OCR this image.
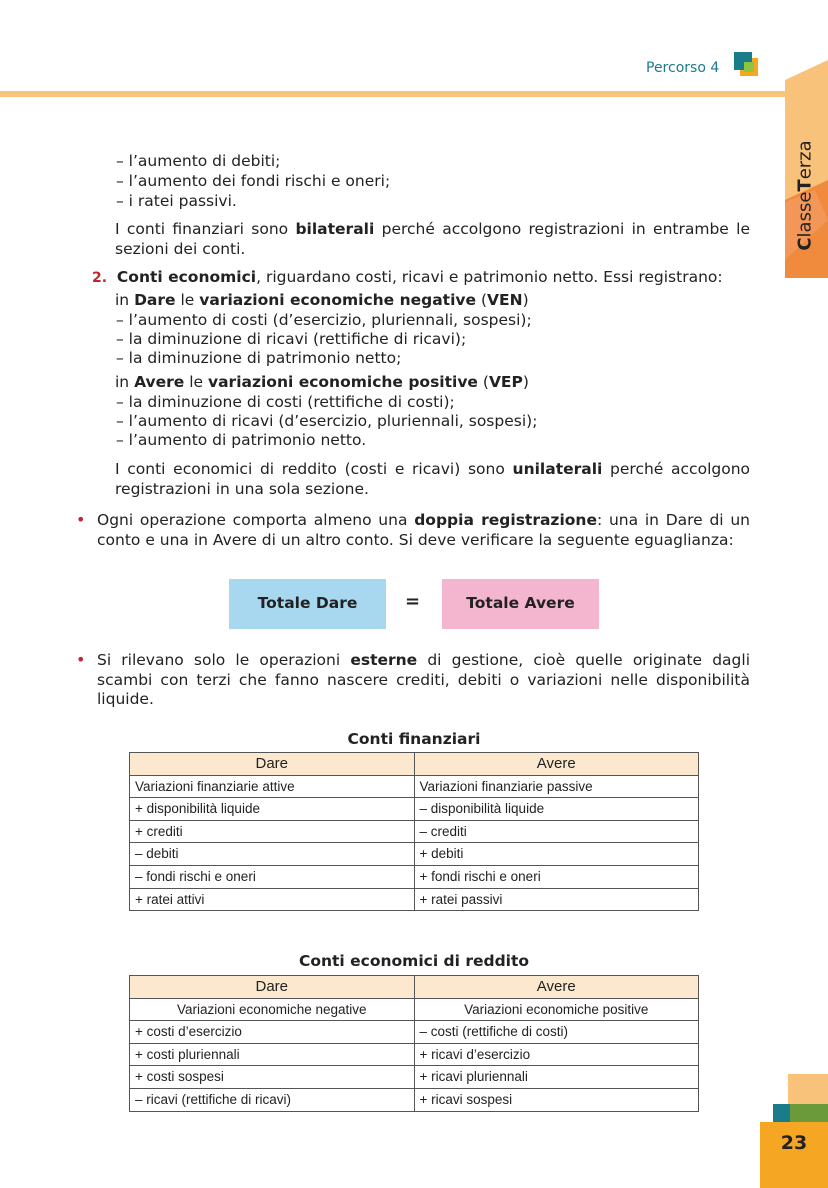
Percorso 4
ClasseTerza
– l’aumento di debiti;
– l’aumento dei fondi rischi e oneri;
– i ratei passivi.
I conti finanziari sono bilaterali perché accolgono registrazioni in entrambe le sezioni dei conti.
2. Conti economici, riguardano costi, ricavi e patrimonio netto. Essi registrano:
in Dare le variazioni economiche negative (VEN)
– l’aumento di costi (d’esercizio, pluriennali, sospesi);
– la diminuzione di ricavi (rettifiche di ricavi);
– la diminuzione di patrimonio netto;
in Avere le variazioni economiche positive (VEP)
– la diminuzione di costi (rettifiche di costi);
– l’aumento di ricavi (d’esercizio, pluriennali, sospesi);
– l’aumento di patrimonio netto.
I conti economici di reddito (costi e ricavi) sono unilaterali perché accolgono registrazioni in una sola sezione.
• Ogni operazione comporta almeno una doppia registrazione: una in Dare di un conto e una in Avere di un altro conto. Si deve verificare la seguente eguaglianza:
Totale Dare	=	Totale Avere
• Si rilevano solo le operazioni esterne di gestione, cioè quelle originate dagli scambi con terzi che fanno nascere crediti, debiti o variazioni nelle disponibilità liquide.
Conti finanziari
Dare	Avere
Variazioni finanziarie attive	Variazioni finanziarie passive
+ disponibilità liquide	– disponibilità liquide
+ crediti	– crediti
– debiti	+ debiti
– fondi rischi e oneri	+ fondi rischi e oneri
+ ratei attivi	+ ratei passivi
Conti economici di reddito
Dare	Avere
Variazioni economiche negative	Variazioni economiche positive
+ costi d’esercizio	– costi (rettifiche di costi)
+ costi pluriennali	+ ricavi d’esercizio
+ costi sospesi	+ ricavi pluriennali
– ricavi (rettifiche di ricavi)	+ ricavi sospesi
23
